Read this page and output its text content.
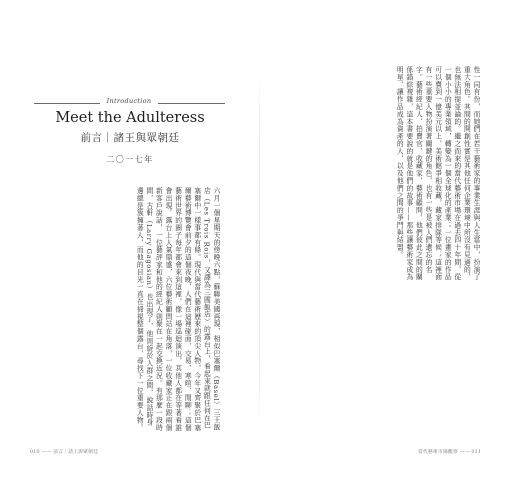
Introduction
Meet the Adulteress
前言｜諸王與眾朝廷
二〇一七年
六月一個星期天的傍晚六點，蘇聯美國再現，相似巴塞爾（Basel）三王飯店（Les Trois Rois，又譯為三國飯店）的露台上，看起來就跟任何在巴塞爾中一樣事都有條。現代與當代藝術歷來的頂尖人物，今年又齊聚於巴塞爾藝術博覽會前夕的這個夜晚，人們在這裡碰面、交易、寒暄、閒聊；這個藝術世界的圈子每年都會來到這裡，像一場巡迴演出，其他人都在等著看誰會出現。露台上人氣鼎盛，六位藝術顧問站在角落，一位收藏家正在跟兩個新客戶說話，一位藝評家和他的經紀人則聚在一起交換近況。有那麼一段時間，古軒（Larry Gagosian）也出現了，他周旋於人群之間，說話時身邊總是簇擁著人，而他的目光一直在掃視整個露台，尋找下一位重要人物。
010 —— 前言｜諸王與眾朝廷
性一同有份，而她們在若干藝術家的事業生涯與人生當中，扮演了重大角色。其間的開創性實是其他任何企業環境中所沒有見過的，也無法相提並論的。繼之而來的當代藝術市場在過去四十年間，從一個小小的專業領域，轉變為一個全球化的產業；一位畫家的作品可以賣到一億美元以上，美術館爭相收藏，藏家排隊等候；這裡面有一些重要人物扮演著關鍵的角色，也有一些是被人們遺忘的名字。藝術經紀人、拍賣官、收藏家、藝術顧問，他們彼此之間的關係錯綜複雜，這本書要說的就是他們的故事——那些讓藝術家成為明星、讓作品成為資產的人，以及他們之間的爭鬥與結盟。
當代藝術市場觀察 —— 011
